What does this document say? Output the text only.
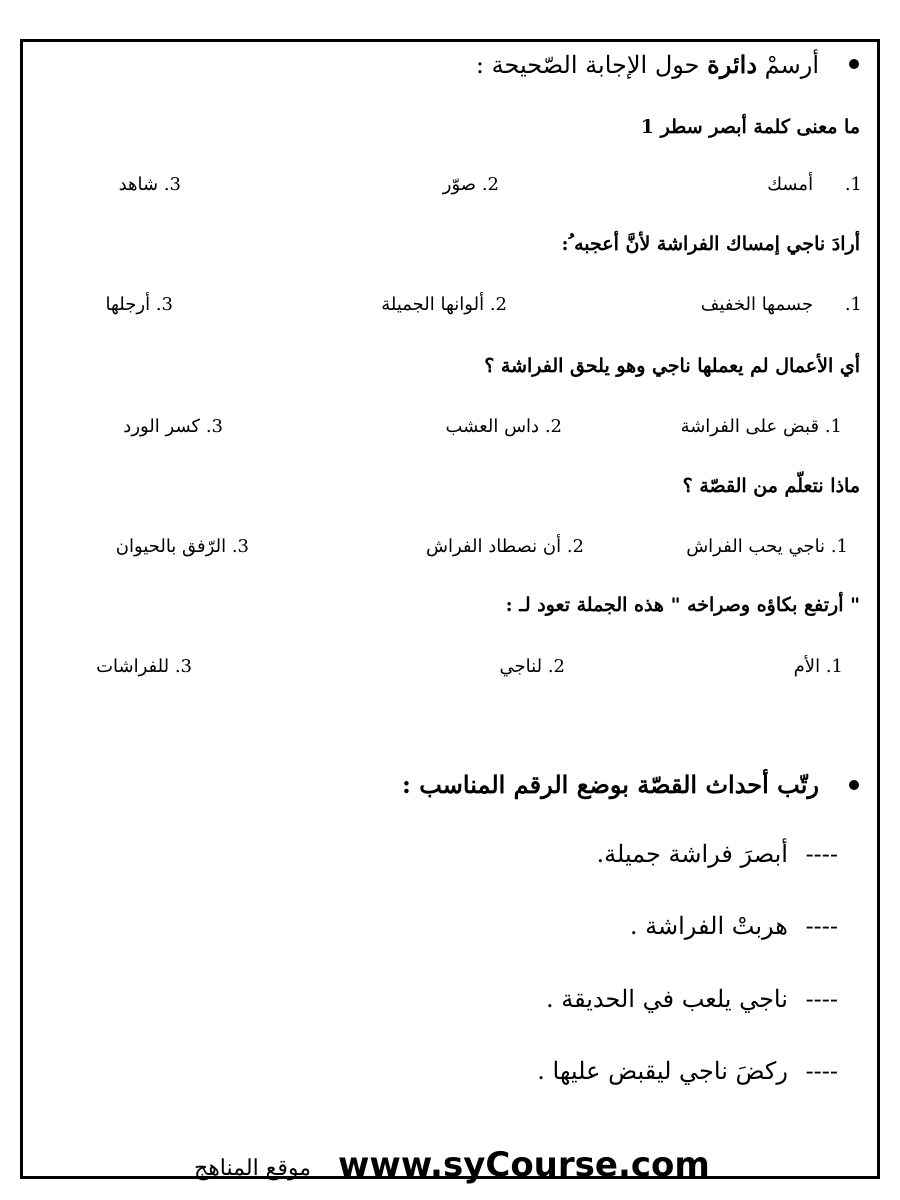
أرسمْ دائرة حول الإجابة الصّحيحة :
ما معنى كلمة أبصر سطر 1
1. أمسك
2. صوّر
3. شاهد
أرادَ ناجي إمساك الفراشة لأنَّ أعجبه ُ:
1. جسمها الخفيف
2. ألوانها الجميلة
3. أرجلها
أي الأعمال لم يعملها ناجي وهو يلحق الفراشة ؟
1. قبض على الفراشة
2. داس العشب
3. كسر الورد
ماذا نتعلّم من القصّة ؟
1. ناجي يحب الفراش
2. أن نصطاد الفراش
3. الرّفق بالحيوان
" أرتفع بكاؤه وصراخه " هذه الجملة تعود لـ :
1. الأم
2. لناجي
3. للفراشات
رتّب أحداث القصّة بوضع الرقم المناسب :
---- أبصرَ فراشة جميلة.
---- هربتْ الفراشة .
---- ناجي يلعب في الحديقة .
---- ركضَ ناجي ليقبض عليها .
موقع المناهج www.syCourse.com
